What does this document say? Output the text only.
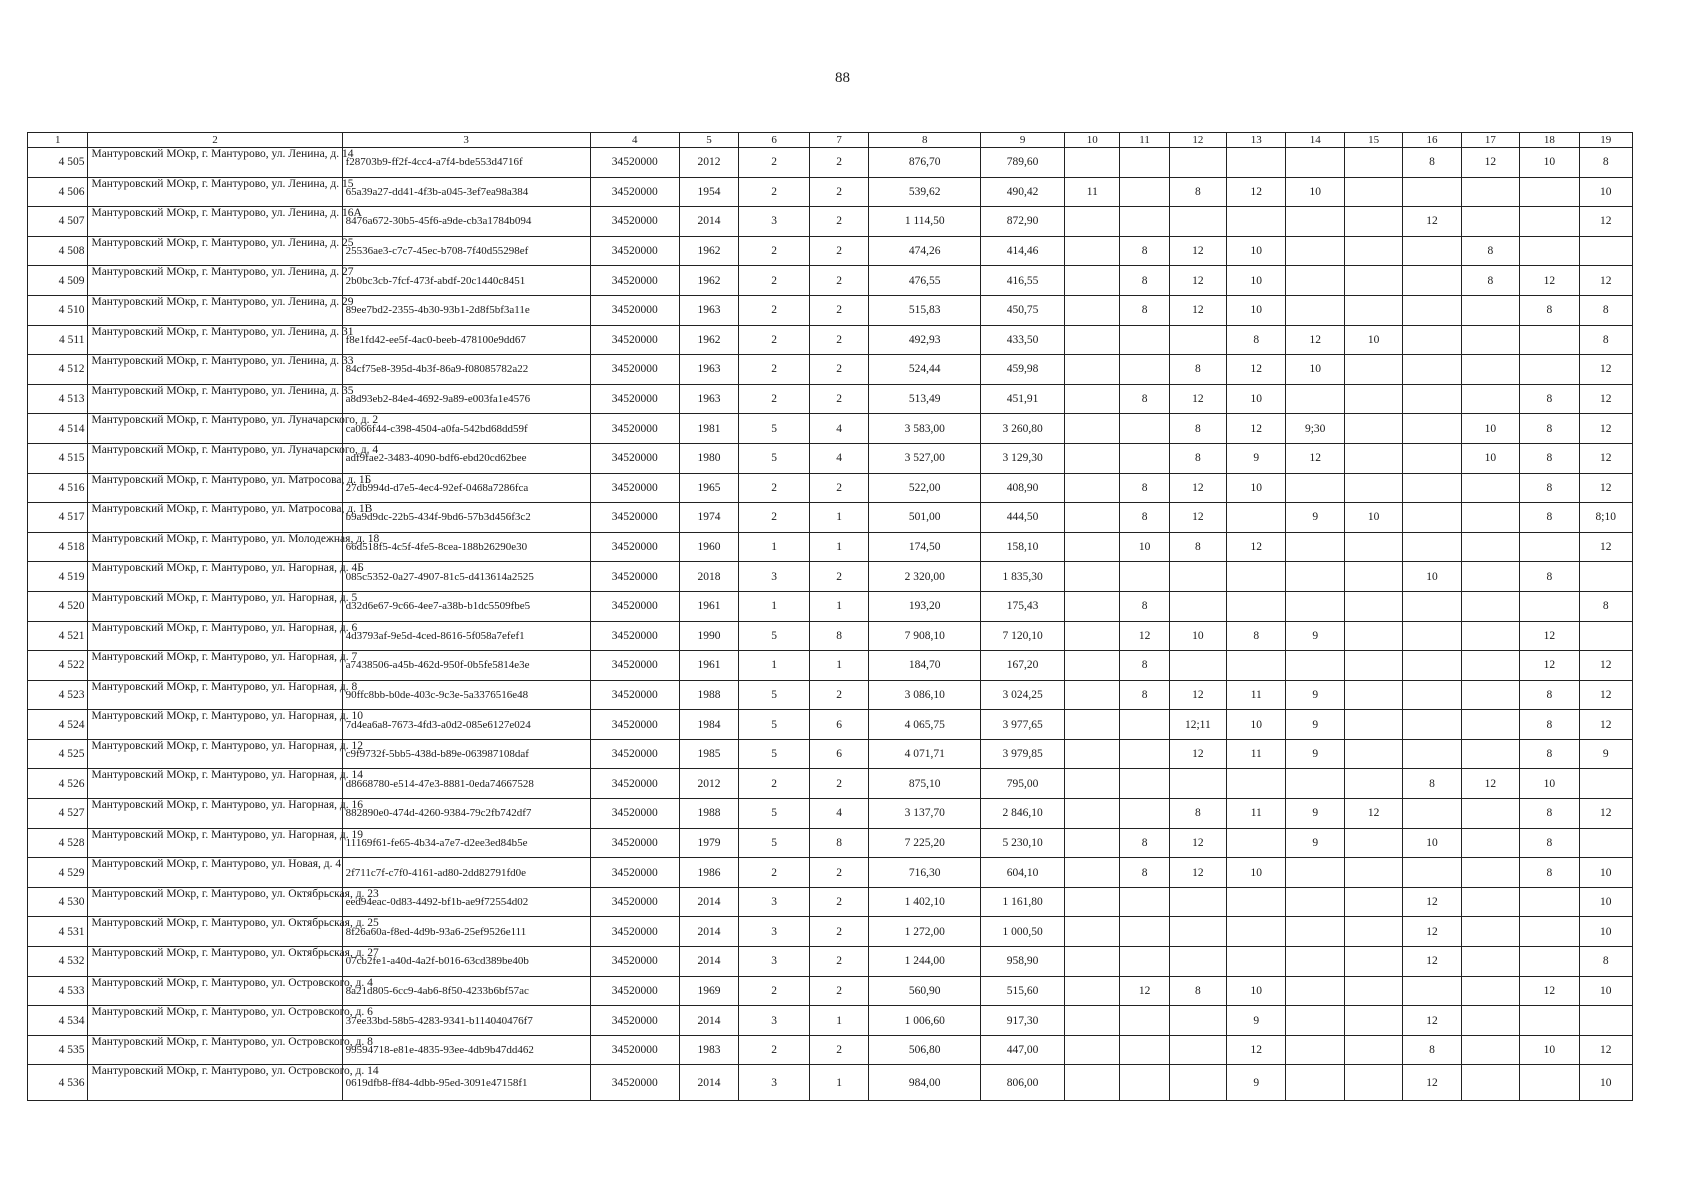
88
1	2	3	4	5	6	7	8	9	10	11	12	13	14	15	16	17	18	19
4 505	Мантуровский МОкр, г. Мантурово, ул. Ленина, д. 14	f28703b9-ff2f-4cc4-a7f4-bde553d4716f	34520000	2012	2	2	876,70	789,60							8	12	10	8
4 506	Мантуровский МОкр, г. Мантурово, ул. Ленина, д. 15	65a39a27-dd41-4f3b-a045-3ef7ea98a384	34520000	1954	2	2	539,62	490,42	11		8	12	10					10
4 507	Мантуровский МОкр, г. Мантурово, ул. Ленина, д. 16А	8476a672-30b5-45f6-a9de-cb3a1784b094	34520000	2014	3	2	1 114,50	872,90							12			12
4 508	Мантуровский МОкр, г. Мантурово, ул. Ленина, д. 25	25536ae3-c7c7-45ec-b708-7f40d55298ef	34520000	1962	2	2	474,26	414,46		8	12	10				8		
4 509	Мантуровский МОкр, г. Мантурово, ул. Ленина, д. 27	2b0bc3cb-7fcf-473f-abdf-20c1440c8451	34520000	1962	2	2	476,55	416,55		8	12	10				8	12	12
4 510	Мантуровский МОкр, г. Мантурово, ул. Ленина, д. 29	89ee7bd2-2355-4b30-93b1-2d8f5bf3a11e	34520000	1963	2	2	515,83	450,75		8	12	10					8	8
4 511	Мантуровский МОкр, г. Мантурово, ул. Ленина, д. 31	f8e1fd42-ee5f-4ac0-beeb-478100e9dd67	34520000	1962	2	2	492,93	433,50				8	12	10				8
4 512	Мантуровский МОкр, г. Мантурово, ул. Ленина, д. 33	84cf75e8-395d-4b3f-86a9-f08085782a22	34520000	1963	2	2	524,44	459,98			8	12	10					12
4 513	Мантуровский МОкр, г. Мантурово, ул. Ленина, д. 35	a8d93eb2-84e4-4692-9a89-e003fa1e4576	34520000	1963	2	2	513,49	451,91		8	12	10					8	12
4 514	Мантуровский МОкр, г. Мантурово, ул. Луначарского, д. 2	ca066f44-c398-4504-a0fa-542bd68dd59f	34520000	1981	5	4	3 583,00	3 260,80			8	12	9;30			10	8	12
4 515	Мантуровский МОкр, г. Мантурово, ул. Луначарского, д. 4	adf9fae2-3483-4090-bdf6-ebd20cd62bee	34520000	1980	5	4	3 527,00	3 129,30			8	9	12			10	8	12
4 516	Мантуровский МОкр, г. Мантурово, ул. Матросова, д. 1Б	27db994d-d7e5-4ec4-92ef-0468a7286fca	34520000	1965	2	2	522,00	408,90		8	12	10					8	12
4 517	Мантуровский МОкр, г. Мантурово, ул. Матросова, д. 1В	b9a9d9dc-22b5-434f-9bd6-57b3d456f3c2	34520000	1974	2	1	501,00	444,50		8	12		9	10			8	8;10
4 518	Мантуровский МОкр, г. Мантурово, ул. Молодежная, д. 18	66d518f5-4c5f-4fe5-8cea-188b26290e30	34520000	1960	1	1	174,50	158,10		10	8	12						12
4 519	Мантуровский МОкр, г. Мантурово, ул. Нагорная, д. 4Б	085c5352-0a27-4907-81c5-d413614a2525	34520000	2018	3	2	2 320,00	1 835,30							10		8	
4 520	Мантуровский МОкр, г. Мантурово, ул. Нагорная, д. 5	d32d6e67-9c66-4ee7-a38b-b1dc5509fbe5	34520000	1961	1	1	193,20	175,43		8								8
4 521	Мантуровский МОкр, г. Мантурово, ул. Нагорная, д. 6	4d3793af-9e5d-4ced-8616-5f058a7efef1	34520000	1990	5	8	7 908,10	7 120,10		12	10	8	9				12	
4 522	Мантуровский МОкр, г. Мантурово, ул. Нагорная, д. 7	a7438506-a45b-462d-950f-0b5fe5814e3e	34520000	1961	1	1	184,70	167,20		8							12	12
4 523	Мантуровский МОкр, г. Мантурово, ул. Нагорная, д. 8	90ffc8bb-b0de-403c-9c3e-5a3376516e48	34520000	1988	5	2	3 086,10	3 024,25		8	12	11	9				8	12
4 524	Мантуровский МОкр, г. Мантурово, ул. Нагорная, д. 10	7d4ea6a8-7673-4fd3-a0d2-085e6127e024	34520000	1984	5	6	4 065,75	3 977,65			12;11	10	9				8	12
4 525	Мантуровский МОкр, г. Мантурово, ул. Нагорная, д. 12	c9f9732f-5bb5-438d-b89e-063987108daf	34520000	1985	5	6	4 071,71	3 979,85			12	11	9				8	9
4 526	Мантуровский МОкр, г. Мантурово, ул. Нагорная, д. 14	d8668780-e514-47e3-8881-0eda74667528	34520000	2012	2	2	875,10	795,00							8	12	10	
4 527	Мантуровский МОкр, г. Мантурово, ул. Нагорная, д. 16	882890e0-474d-4260-9384-79c2fb742df7	34520000	1988	5	4	3 137,70	2 846,10			8	11	9	12			8	12
4 528	Мантуровский МОкр, г. Мантурово, ул. Нагорная, д. 19	11169f61-fe65-4b34-a7e7-d2ee3ed84b5e	34520000	1979	5	8	7 225,20	5 230,10		8	12		9		10		8	
4 529	Мантуровский МОкр, г. Мантурово, ул. Новая, д. 4	2f711c7f-c7f0-4161-ad80-2dd82791fd0e	34520000	1986	2	2	716,30	604,10		8	12	10					8	10
4 530	Мантуровский МОкр, г. Мантурово, ул. Октябрьская, д. 23	eed94eac-0d83-4492-bf1b-ae9f72554d02	34520000	2014	3	2	1 402,10	1 161,80							12			10
4 531	Мантуровский МОкр, г. Мантурово, ул. Октябрьская, д. 25	8f26a60a-f8ed-4d9b-93a6-25ef9526e111	34520000	2014	3	2	1 272,00	1 000,50							12			10
4 532	Мантуровский МОкр, г. Мантурово, ул. Октябрьская, д. 27	07cb2fe1-a40d-4a2f-b016-63cd389be40b	34520000	2014	3	2	1 244,00	958,90							12			8
4 533	Мантуровский МОкр, г. Мантурово, ул. Островского, д. 4	8a21d805-6cc9-4ab6-8f50-4233b6bf57ac	34520000	1969	2	2	560,90	515,60		12	8	10					12	10
4 534	Мантуровский МОкр, г. Мантурово, ул. Островского, д. 6	37ee33bd-58b5-4283-9341-b114040476f7	34520000	2014	3	1	1 006,60	917,30				9			12			
4 535	Мантуровский МОкр, г. Мантурово, ул. Островского, д. 8	99594718-e81e-4835-93ee-4db9b47dd462	34520000	1983	2	2	506,80	447,00				12			8		10	12
4 536	Мантуровский МОкр, г. Мантурово, ул. Островского, д. 14	0619dfb8-ff84-4dbb-95ed-3091e47158f1	34520000	2014	3	1	984,00	806,00				9			12			10
